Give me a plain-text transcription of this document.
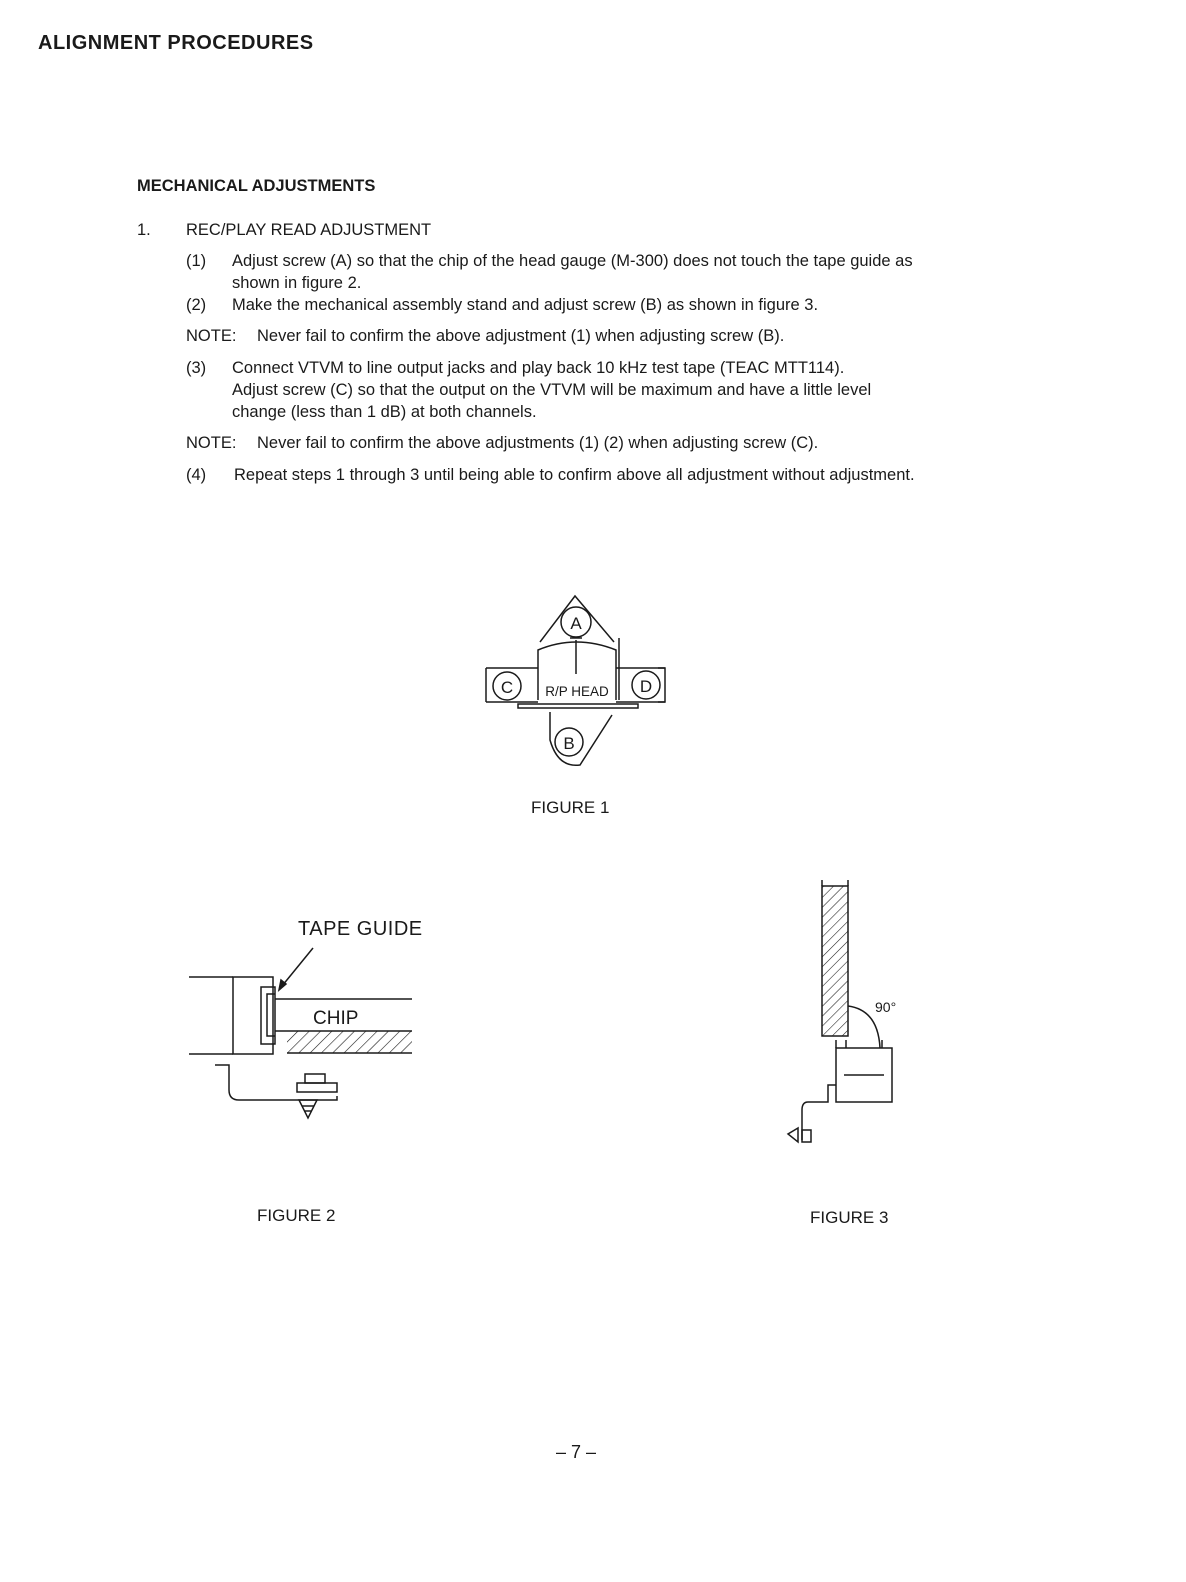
ALIGNMENT PROCEDURES
MECHANICAL ADJUSTMENTS
1. REC/PLAY READ ADJUSTMENT
(1) Adjust screw (A) so that the chip of the head gauge (M-300) does not touch the tape guide as
shown in figure 2.
(2) Make the mechanical assembly stand and adjust screw (B) as shown in figure 3.
NOTE: Never fail to confirm the above adjustment (1) when adjusting screw (B).
(3) Connect VTVM to line output jacks and play back 10 kHz test tape (TEAC MTT114).
Adjust screw (C) so that the output on the VTVM will be maximum and have a little level
change (less than 1 dB) at both channels.
NOTE: Never fail to confirm the above adjustments (1) (2) when adjusting screw (C).
(4) Repeat steps 1 through 3 until being able to confirm above all adjustment without adjustment.
A
C	D
R/P HEAD
B
FIGURE 1
TAPE GUIDE
CHIP
FIGURE 2
90°
FIGURE 3
– 7 –
